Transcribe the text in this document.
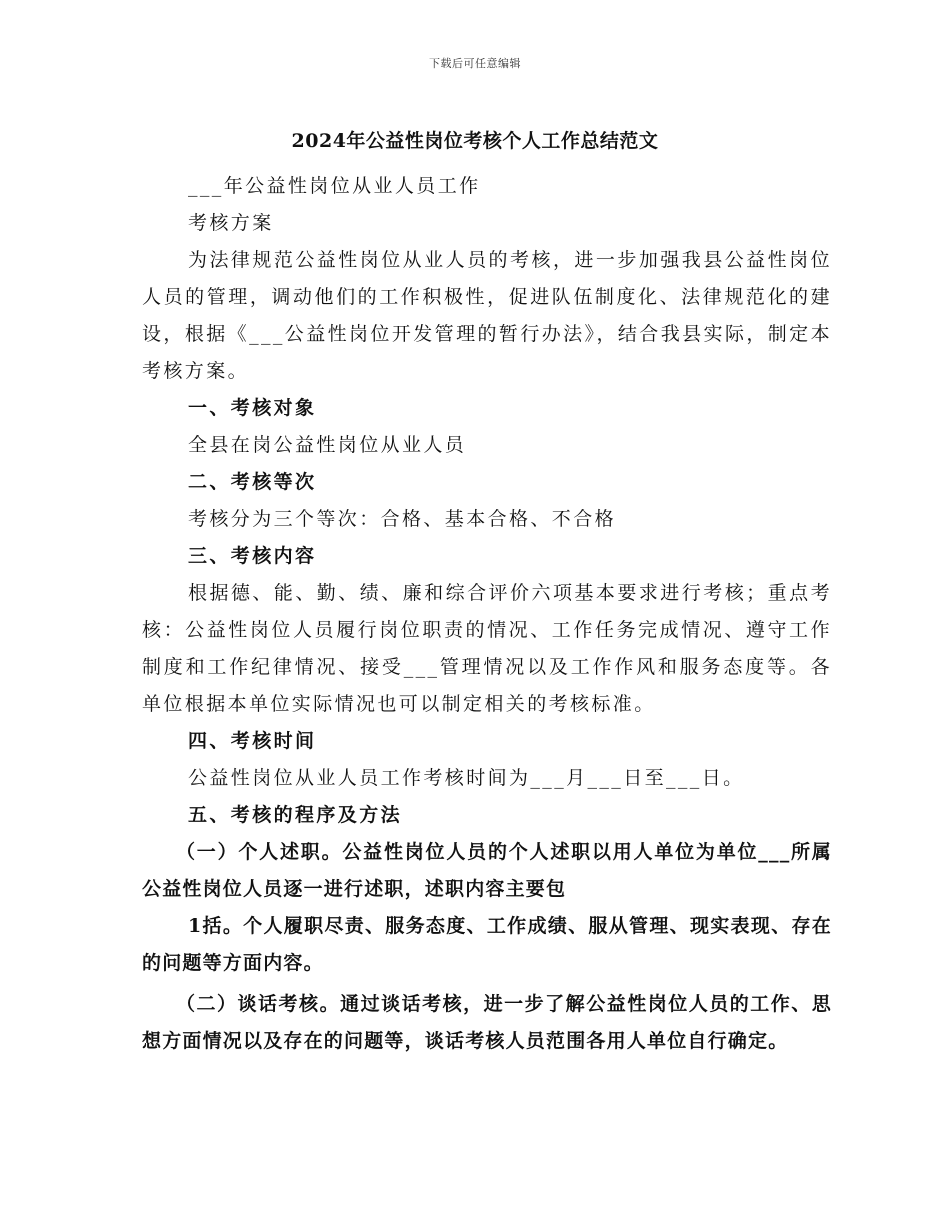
下载后可任意编辑
2024年公益性岗位考核个人工作总结范文

___年公益性岗位从业人员工作

考核方案

为法律规范公益性岗位从业人员的考核，进一步加强我县公益性岗位人员的管理，调动他们的工作积极性，促进队伍制度化、法律规范化的建设，根据《___公益性岗位开发管理的暂行办法》，结合我县实际，制定本考核方案。

一、考核对象

全县在岗公益性岗位从业人员

二、考核等次

考核分为三个等次：合格、基本合格、不合格

三、考核内容

根据德、能、勤、绩、廉和综合评价六项基本要求进行考核；重点考核：公益性岗位人员履行岗位职责的情况、工作任务完成情况、遵守工作制度和工作纪律情况、接受___管理情况以及工作作风和服务态度等。各单位根据本单位实际情况也可以制定相关的考核标准。

四、考核时间

公益性岗位从业人员工作考核时间为___月___日至___日。

五、考核的程序及方法

（一）个人述职。公益性岗位人员的个人述职以用人单位为单位___所属公益性岗位人员逐一进行述职，述职内容主要包

1括。个人履职尽责、服务态度、工作成绩、服从管理、现实表现、存在的问题等方面内容。

（二）谈话考核。通过谈话考核，进一步了解公益性岗位人员的工作、思想方面情况以及存在的问题等，谈话考核人员范围各用人单位自行确定。
